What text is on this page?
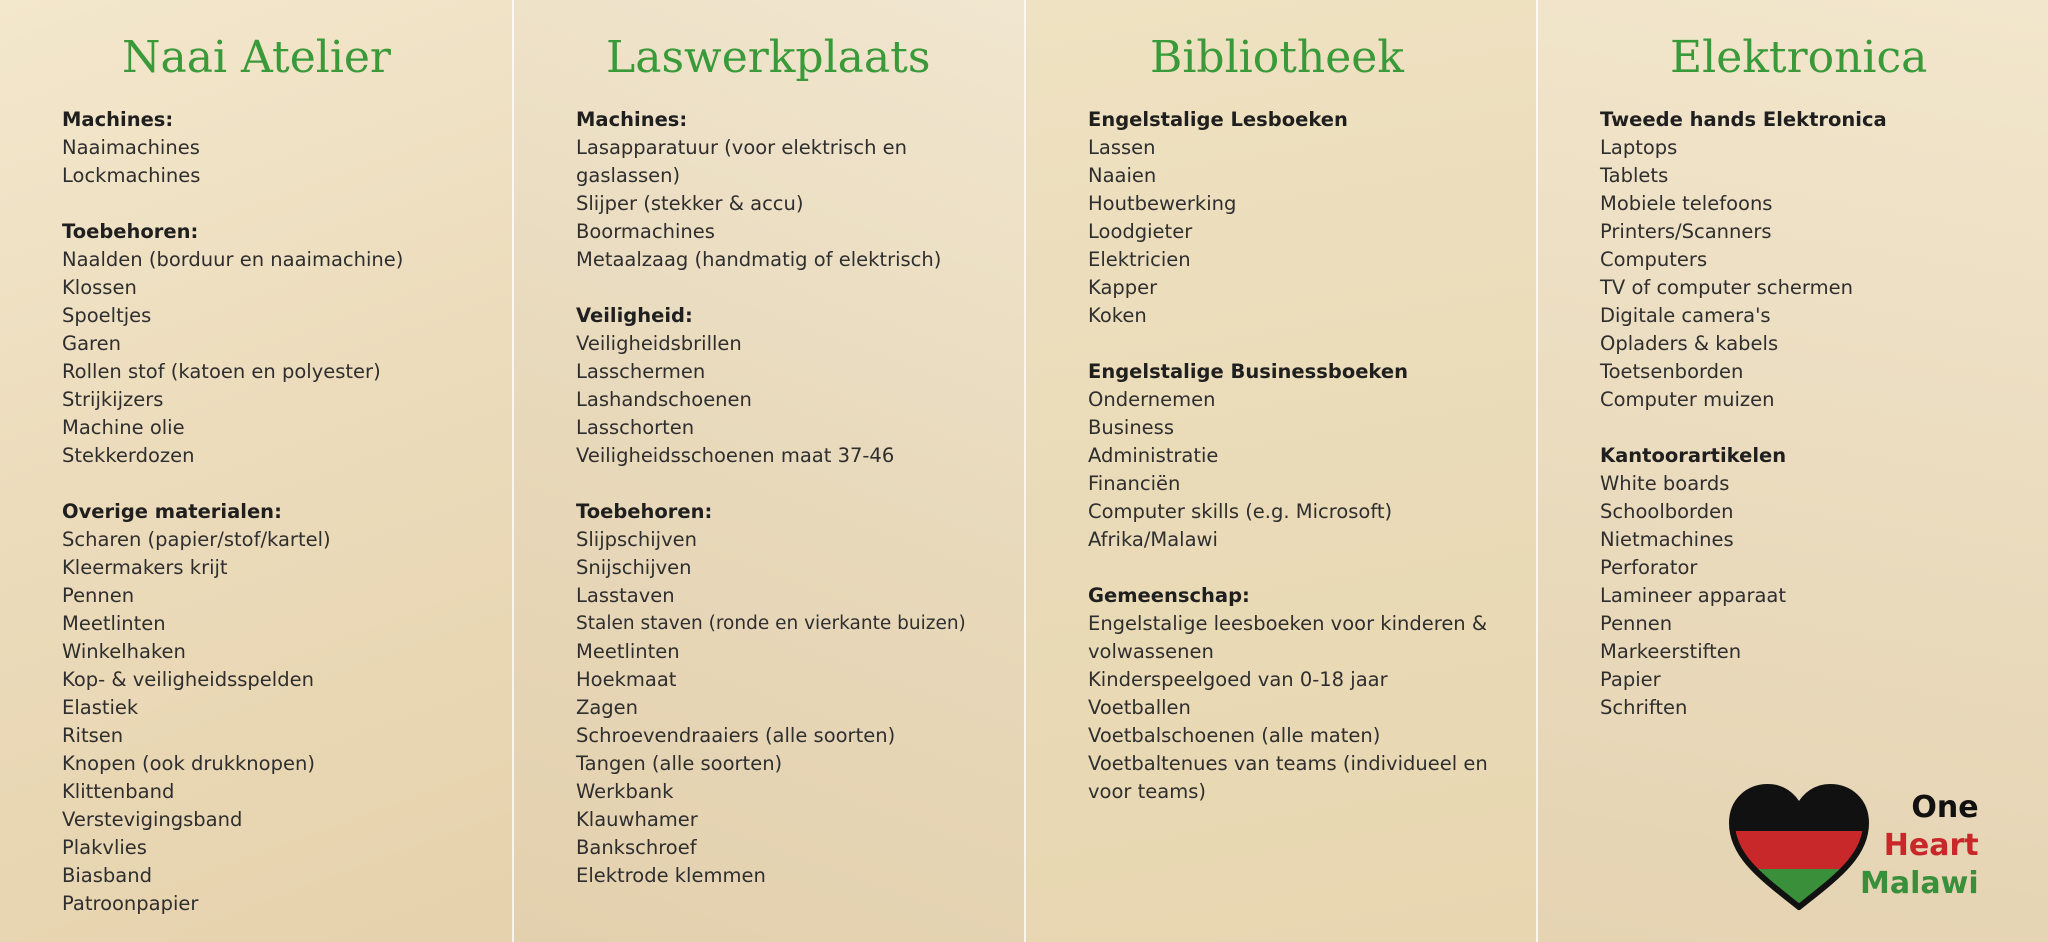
Naai Atelier
Machines:
Naaimachines
Lockmachines
Toebehoren:
Naalden (borduur en naaimachine)
Klossen
Spoeltjes
Garen
Rollen stof (katoen en polyester)
Strijkijzers
Machine olie
Stekkerdozen
Overige materialen:
Scharen (papier/stof/kartel)
Kleermakers krijt
Pennen
Meetlinten
Winkelhaken
Kop- & veiligheidsspelden
Elastiek
Ritsen
Knopen (ook drukknopen)
Klittenband
Verstevigingsband
Plakvlies
Biasband
Patroonpapier
Laswerkplaats
Machines:
Lasapparatuur (voor elektrisch en gaslassen)
Slijper (stekker & accu)
Boormachines
Metaalzaag (handmatig of elektrisch)
Veiligheid:
Veiligheidsbrillen
Lasschermen
Lashandschoenen
Lasschorten
Veiligheidsschoenen maat 37-46
Toebehoren:
Slijpschijven
Snijschijven
Lasstaven
Stalen staven (ronde en vierkante buizen)
Meetlinten
Hoekmaat
Zagen
Schroevendraaiers (alle soorten)
Tangen (alle soorten)
Werkbank
Klauwhamer
Bankschroef
Elektrode klemmen
Bibliotheek
Engelstalige Lesboeken
Lassen
Naaien
Houtbewerking
Loodgieter
Elektricien
Kapper
Koken
Engelstalige Businessboeken
Ondernemen
Business
Administratie
Financiën
Computer skills (e.g. Microsoft)
Afrika/Malawi
Gemeenschap:
Engelstalige leesboeken voor kinderen & volwassenen
Kinderspeelgoed van 0-18 jaar
Voetballen
Voetbalschoenen (alle maten)
Voetbaltenues van teams (individueel en voor teams)
Elektronica
Tweede hands Elektronica
Laptops
Tablets
Mobiele telefoons
Printers/Scanners
Computers
TV of computer schermen
Digitale camera's
Opladers & kabels
Toetsenborden
Computer muizen
Kantoorartikelen
White boards
Schoolborden
Nietmachines
Perforator
Lamineer apparaat
Pennen
Markeerstiften
Papier
Schriften
One
Heart
Malawi
